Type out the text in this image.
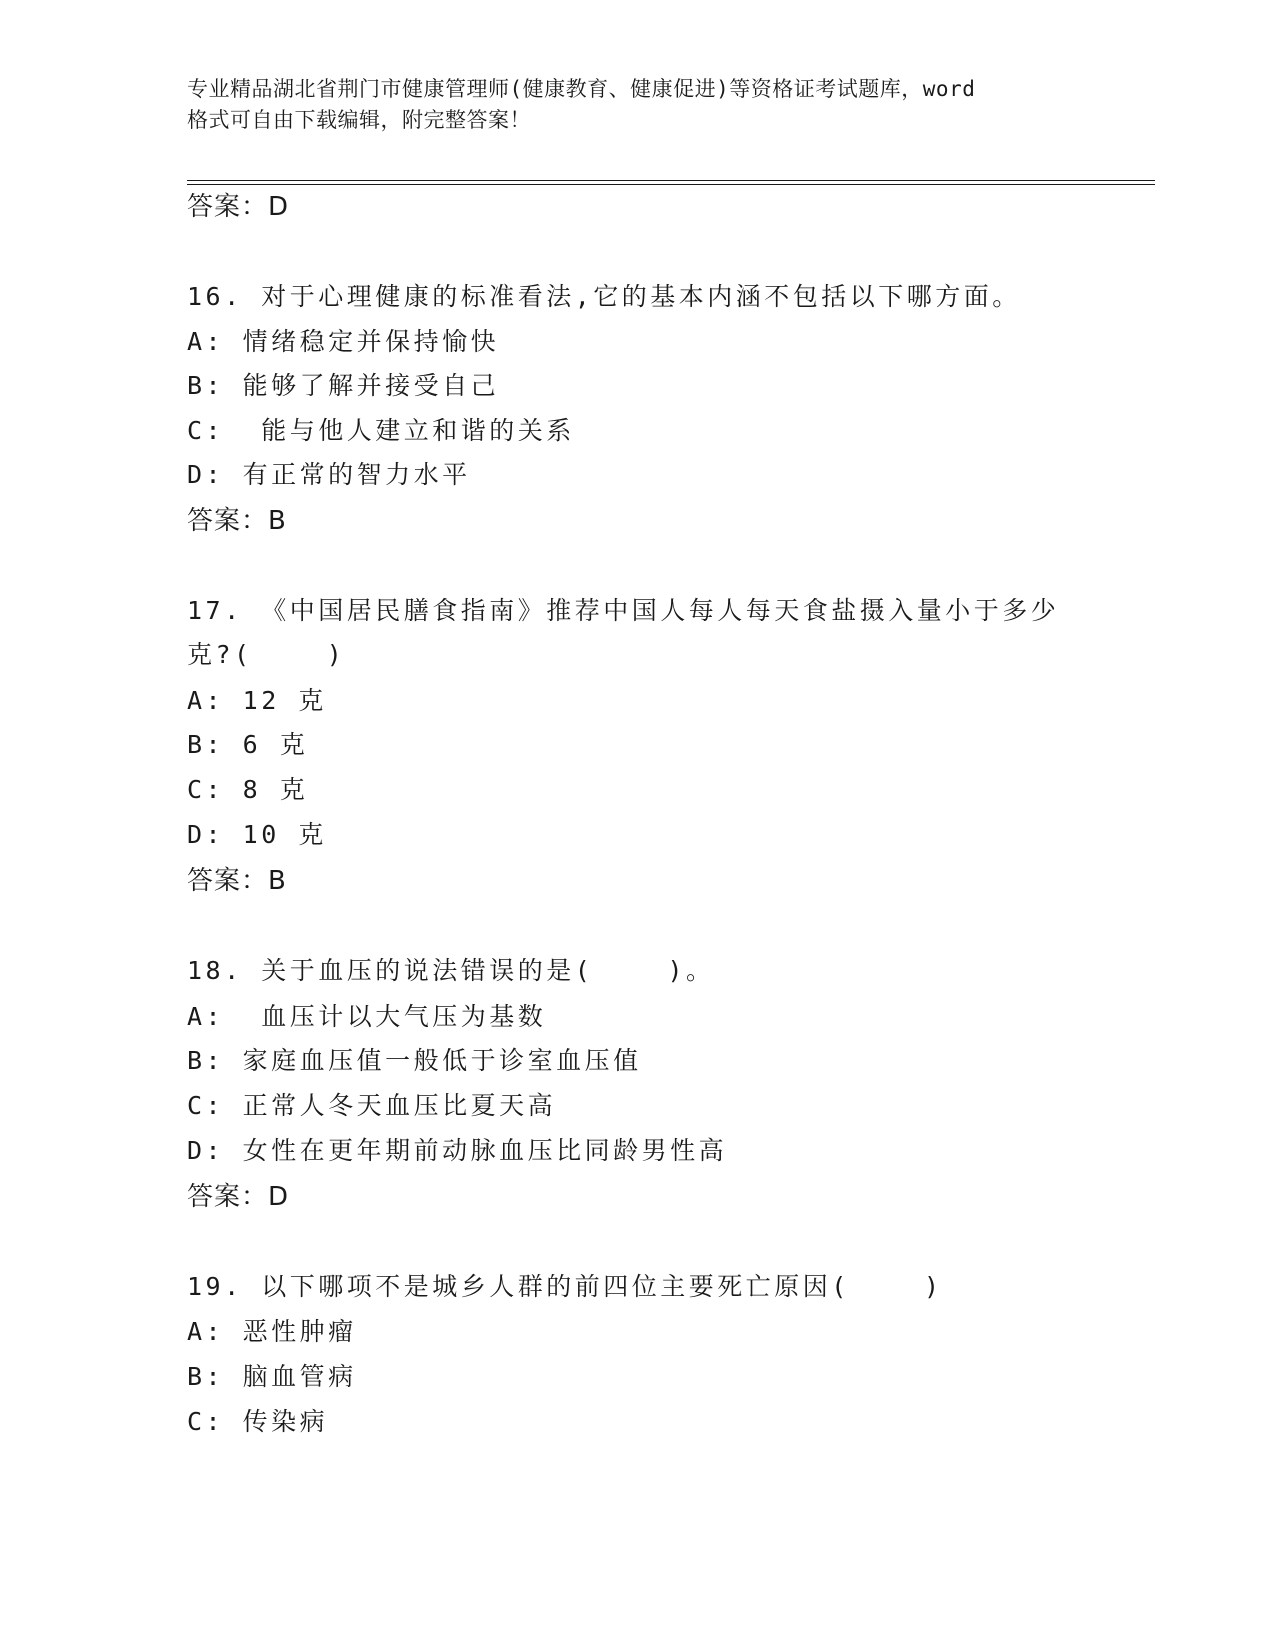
专业精品湖北省荆门市健康管理师(健康教育、健康促进)等资格证考试题库，word
格式可自由下载编辑，附完整答案！
答案：D
16. 对于心理健康的标准看法,它的基本内涵不包括以下哪方面。
A: 情绪稳定并保持愉快
B: 能够了解并接受自己
C:  能与他人建立和谐的关系
D: 有正常的智力水平
答案：B
17. 《中国居民膳食指南》推荐中国人每人每天食盐摄入量小于多少
克?(    )
A: 12 克
B: 6 克
C: 8 克
D: 10 克
答案：B
18. 关于血压的说法错误的是(    )。
A:  血压计以大气压为基数
B: 家庭血压值一般低于诊室血压值
C: 正常人冬天血压比夏天高
D: 女性在更年期前动脉血压比同龄男性高
答案：D
19. 以下哪项不是城乡人群的前四位主要死亡原因(    )
A: 恶性肿瘤
B: 脑血管病
C: 传染病
